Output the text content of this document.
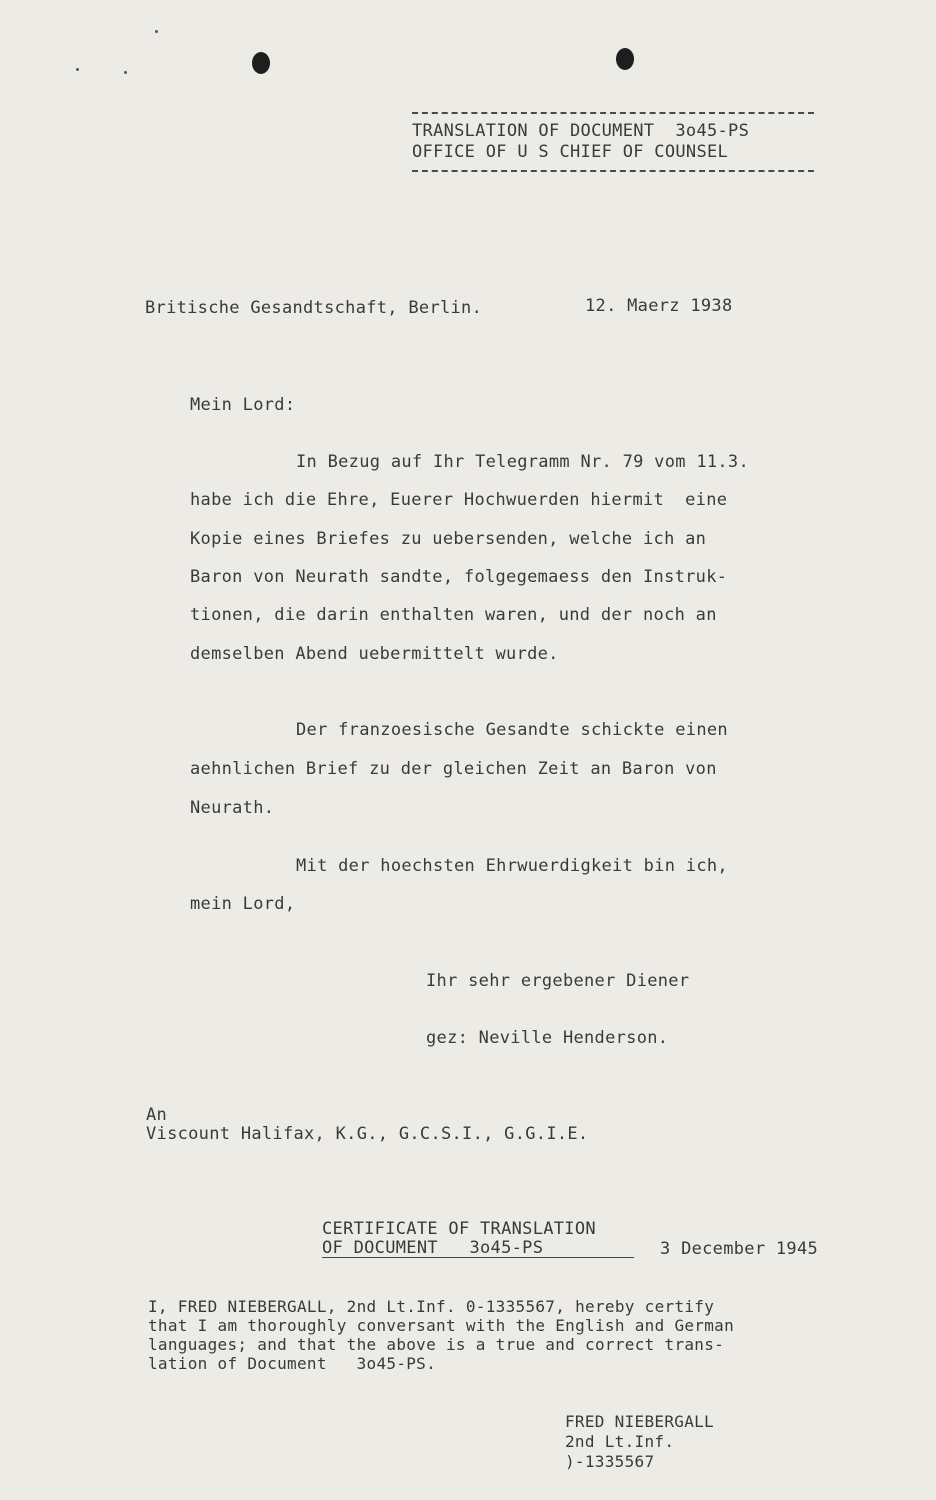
TRANSLATION OF DOCUMENT  3o45-PS
OFFICE OF U S CHIEF OF COUNSEL
Britische Gesandtschaft, Berlin.	12. Maerz 1938
Mein Lord:
In Bezug auf Ihr Telegramm Nr. 79 vom 11.3.
habe ich die Ehre, Euerer Hochwuerden hiermit  eine
Kopie eines Briefes zu uebersenden, welche ich an
Baron von Neurath sandte, folgegemaess den Instruk-
tionen, die darin enthalten waren, und der noch an
demselben Abend uebermittelt wurde.
Der franzoesische Gesandte schickte einen
aehnlichen Brief zu der gleichen Zeit an Baron von
Neurath.
Mit der hoechsten Ehrwuerdigkeit bin ich,
mein Lord,
Ihr sehr ergebener Diener
gez: Neville Henderson.
An
Viscount Halifax, K.G., G.C.S.I., G.G.I.E.
CERTIFICATE OF TRANSLATION
OF DOCUMENT   3o45-PS	3 December 1945
I, FRED NIEBERGALL, 2nd Lt.Inf. 0-1335567, hereby certify
that I am thoroughly conversant with the English and German
languages; and that the above is a true and correct trans-
lation of Document   3o45-PS.
FRED NIEBERGALL
2nd Lt.Inf.
)-1335567
